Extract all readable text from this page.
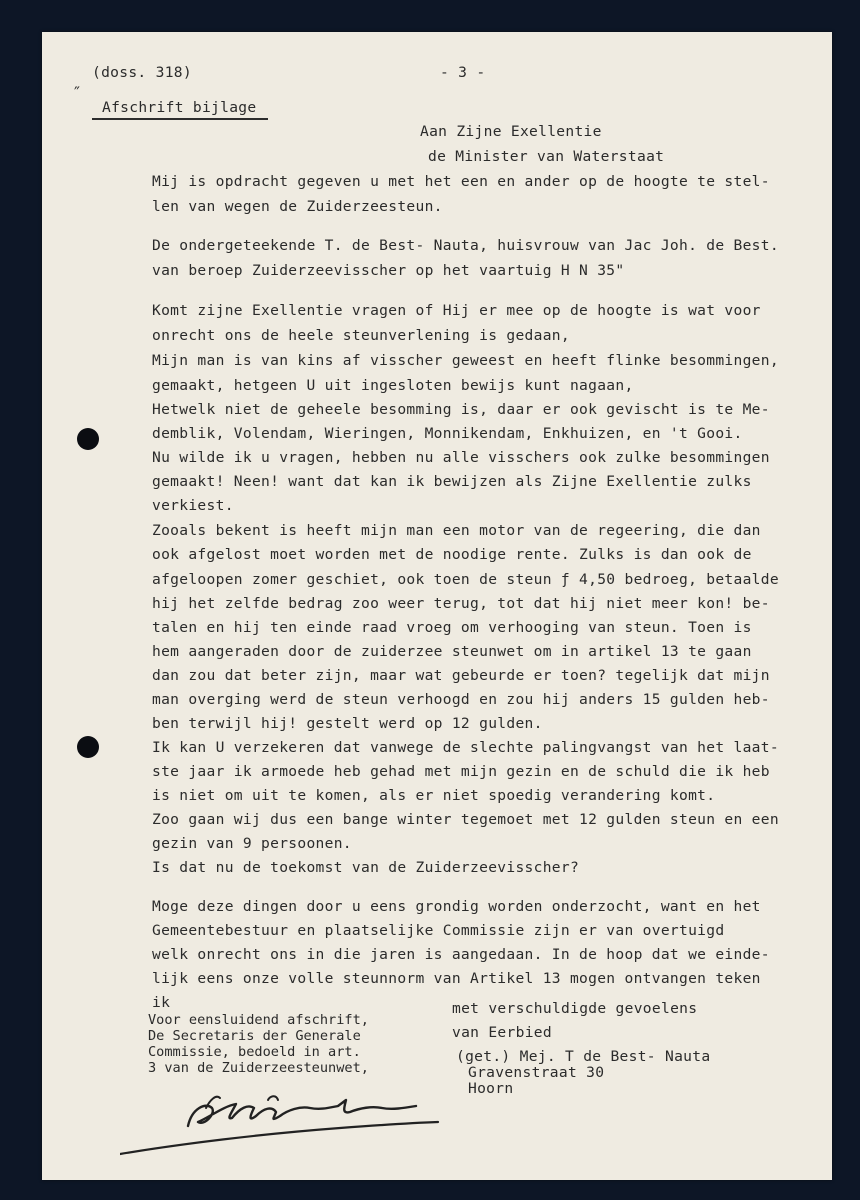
(doss. 318)	- 3 -
Afschrift bijlage
″
Aan Zijne Exellentie
de Minister van Waterstaat
Mij is opdracht gegeven u met het een en ander op de hoogte te stel-
len van wegen de Zuiderzeesteun.
De ondergeteekende T. de Best- Nauta, huisvrouw van Jac Joh. de Best.
van beroep Zuiderzeevisscher op het vaartuig H N 35"
Komt zijne Exellentie vragen of Hij er mee op de hoogte is wat voor
onrecht ons de heele steunverlening is gedaan,
Mijn man is van kins af visscher geweest en heeft flinke besommingen,
gemaakt, hetgeen U uit ingesloten bewijs kunt nagaan,
Hetwelk niet de geheele besomming is, daar er ook gevischt is te Me-
demblik, Volendam, Wieringen, Monnikendam, Enkhuizen, en 't Gooi.
Nu wilde ik u vragen, hebben nu alle visschers ook zulke besommingen
gemaakt! Neen! want dat kan ik bewijzen als Zijne Exellentie zulks
verkiest.
Zooals bekent is heeft mijn man een motor van de regeering, die dan
ook afgelost moet worden met de noodige rente. Zulks is dan ook de
afgeloopen zomer geschiet, ook toen de steun ƒ 4,50 bedroeg, betaalde
hij het zelfde bedrag zoo weer terug, tot dat hij niet meer kon! be-
talen en hij ten einde raad vroeg om verhooging van steun. Toen is
hem aangeraden door de zuiderzee steunwet om in artikel 13 te gaan
dan zou dat beter zijn, maar wat gebeurde er toen? tegelijk dat mijn
man overging werd de steun verhoogd en zou hij anders 15 gulden heb-
ben terwijl hij! gestelt werd op 12 gulden.
Ik kan U verzekeren dat vanwege de slechte palingvangst van het laat-
ste jaar ik armoede heb gehad met mijn gezin en de schuld die ik heb
is niet om uit te komen, als er niet spoedig verandering komt.
Zoo gaan wij dus een bange winter tegemoet met 12 gulden steun en een
gezin van 9 persoonen.
Is dat nu de toekomst van de Zuiderzeevisscher?
Moge deze dingen door u eens grondig worden onderzocht, want en het
Gemeentebestuur en plaatselijke Commissie zijn er van overtuigd
welk onrecht ons in die jaren is aangedaan. In de hoop dat we einde-
lijk eens onze volle steunnorm van Artikel 13 mogen ontvangen teken
ik	met verschuldigde gevoelens
van Eerbied
(get.) Mej. T de Best- Nauta
Gravenstraat 30
Hoorn
Voor eensluidend afschrift,
De Secretaris der Generale
Commissie, bedoeld in art.
3 van de Zuiderzeesteunwet,
